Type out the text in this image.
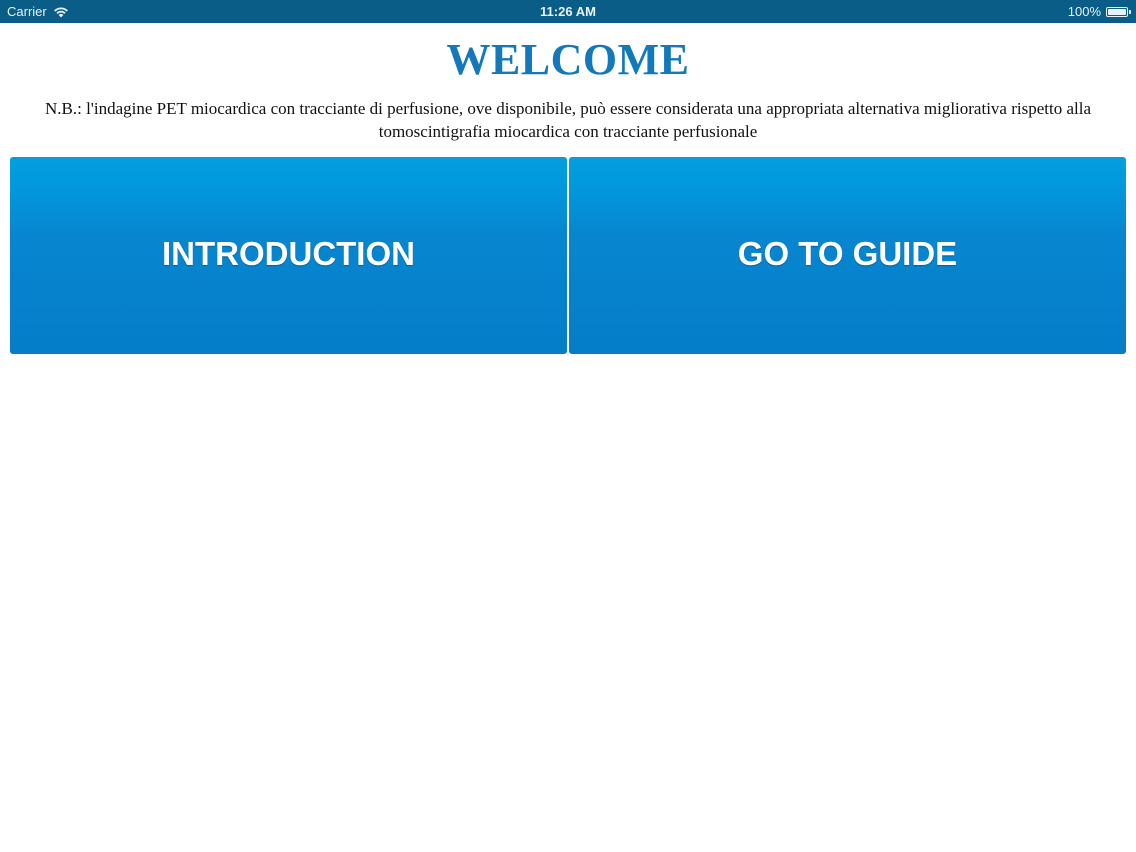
Carrier	11:26 AM	100%
WELCOME

N.B.: l'indagine PET miocardica con tracciante di perfusione, ove disponibile, può essere considerata una appropriata alternativa migliorativa rispetto alla tomoscintigrafia miocardica con tracciante perfusionale

INTRODUCTION	GO TO GUIDE
